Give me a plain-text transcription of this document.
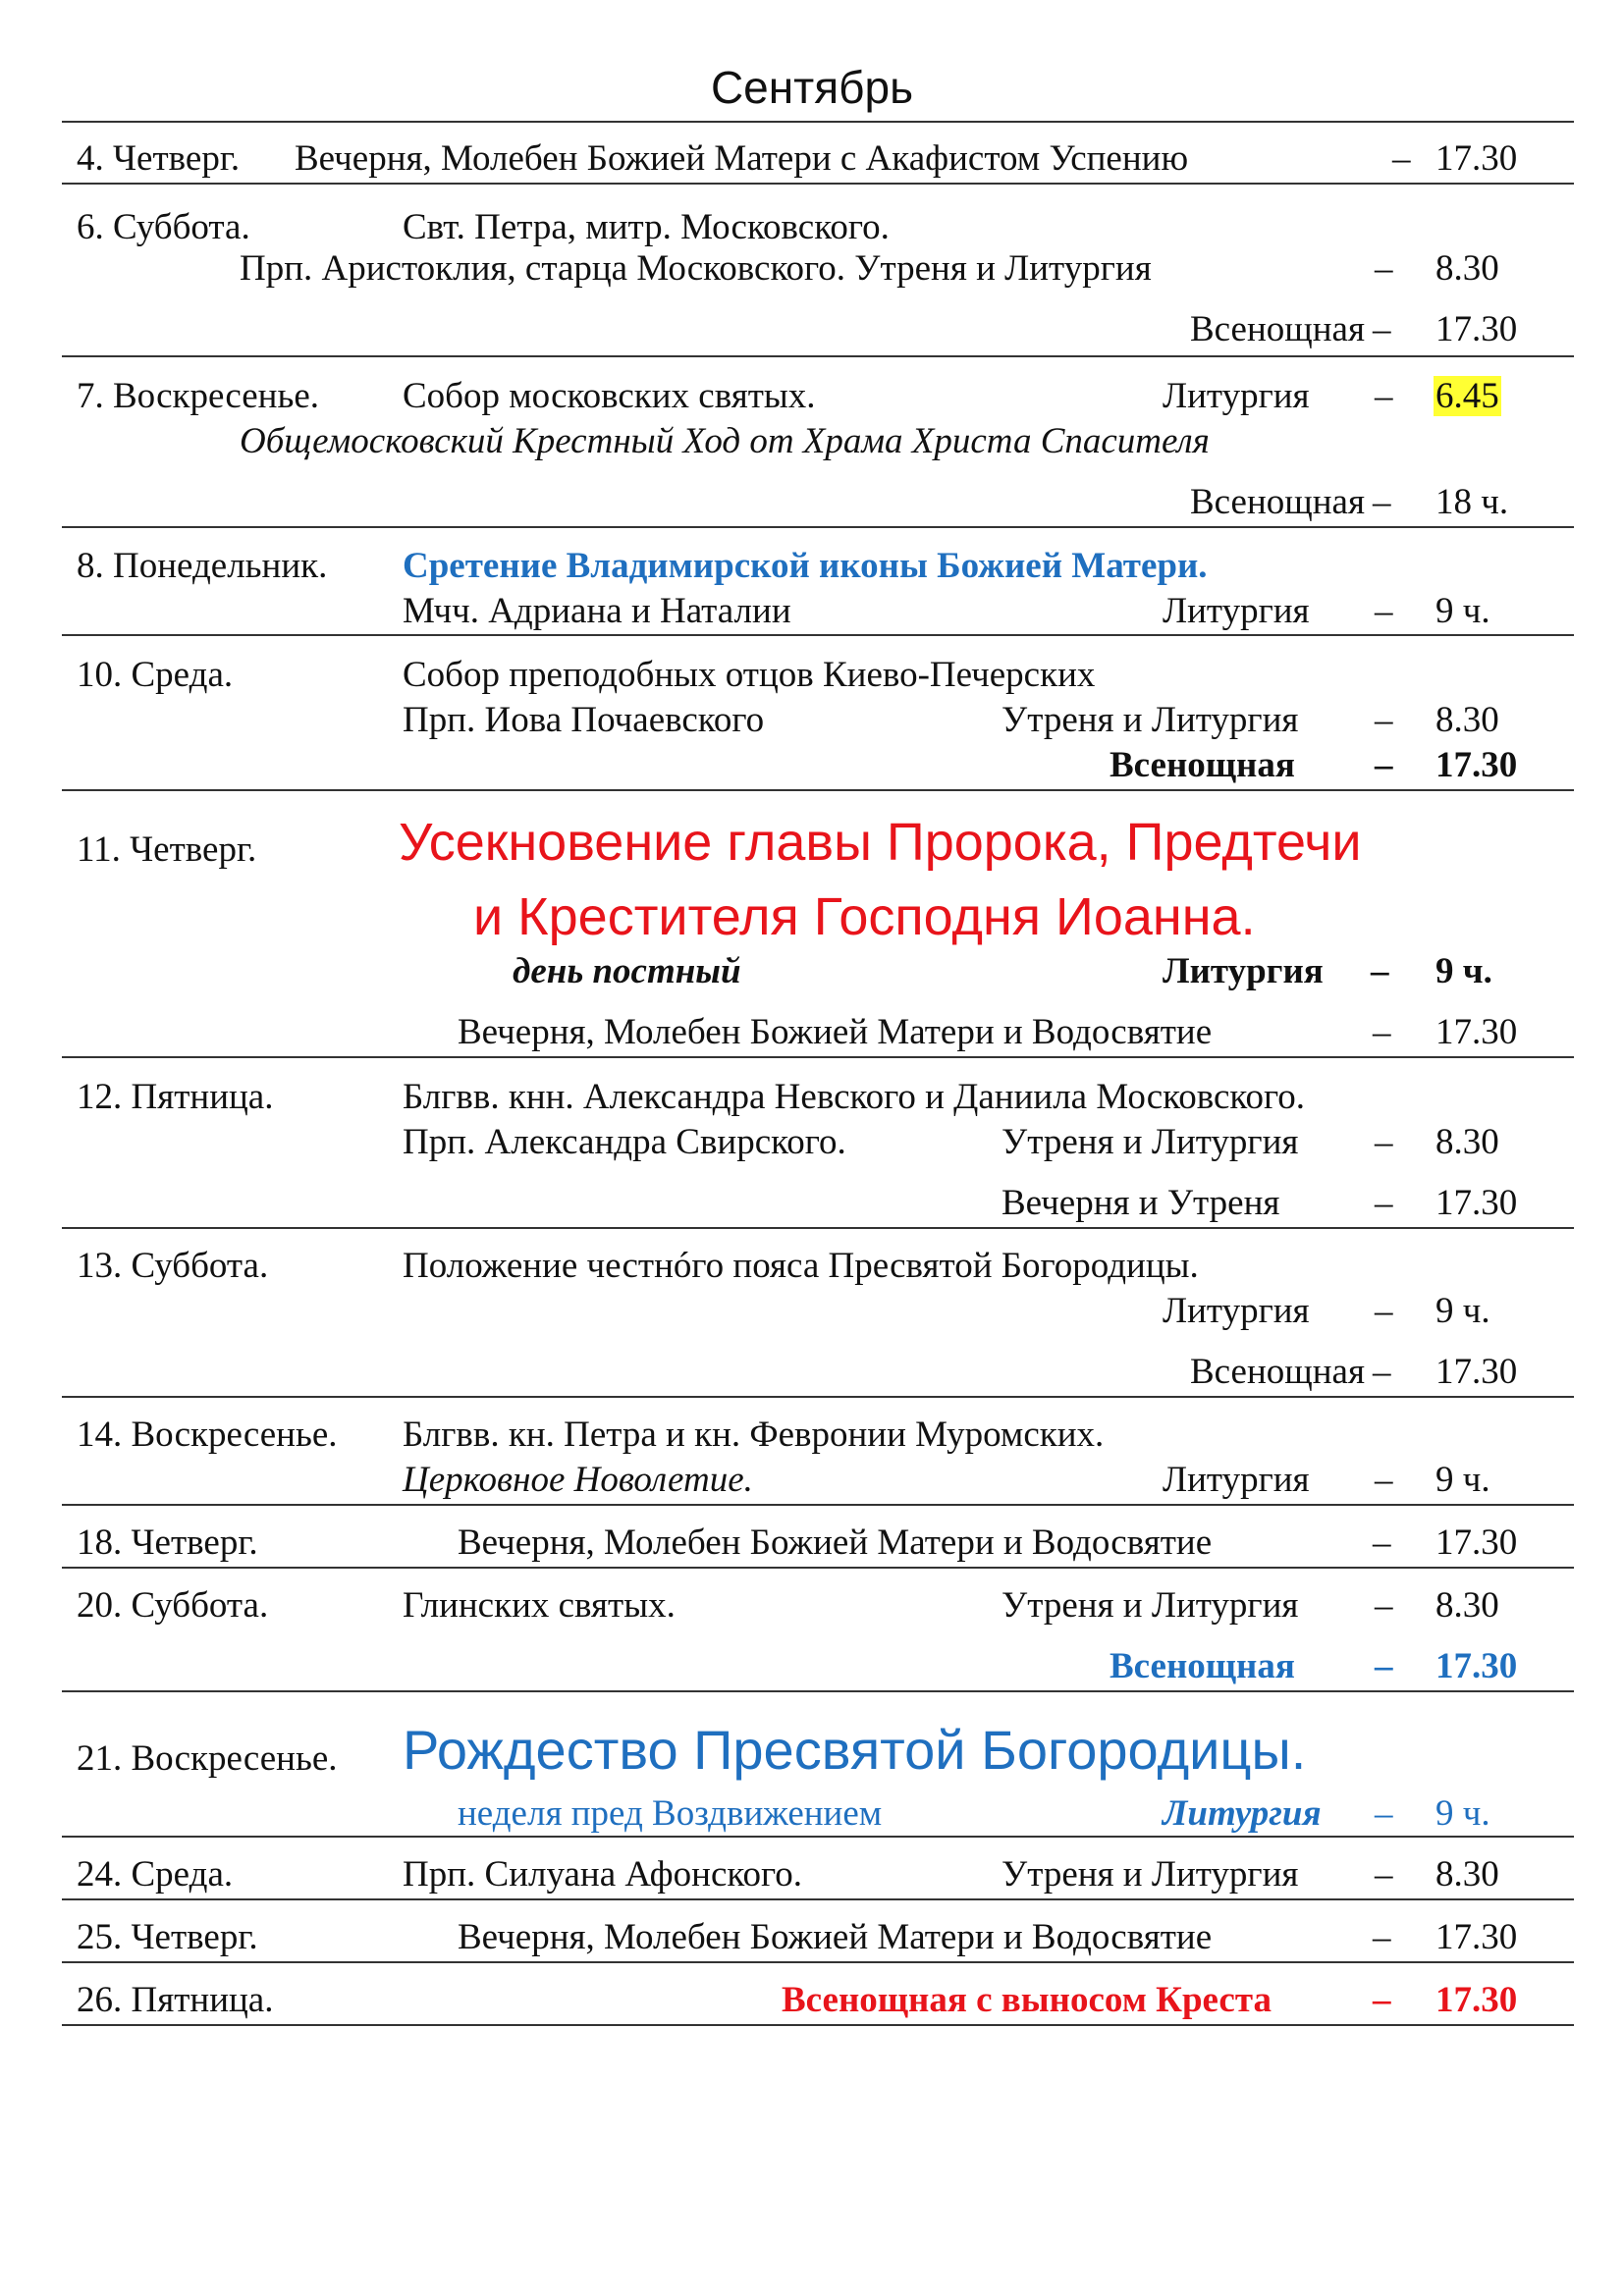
Сентябрь
4. Четверг. Вечерня, Молебен Божией Матери с Акафистом Успению	– 17.30
6. Суббота.	Свт. Петра, митр. Московского.
Прп. Аристоклия, старца Московского. Утреня и Литургия	– 8.30
Всенощная – 17.30
7. Воскресенье. Собор московских святых.	Литургия – 6.45
Общемосковский Крестный Ход от Храма Христа Спасителя
Всенощная – 18 ч.
8. Понедельник. Сретение Владимирской иконы Божией Матери.
Мчч. Адриана и Наталии	Литургия – 9 ч.
10. Среда.	Собор преподобных отцов Киево-Печерских
Прп. Иова Почаевского	Утреня и Литургия – 8.30
Всенощная – 17.30
11. Четверг.	Усекновение главы Пророка, Предтечи
и Крестителя Господня Иоанна.
день постный	Литургия – 9 ч.
Вечерня, Молебен Божией Матери и Водосвятие	– 17.30
12. Пятница.	Блгвв. кнн. Александра Невского и Даниила Московского.
Прп. Александра Свирского.	Утреня и Литургия – 8.30
Вечерня и Утреня	– 17.30
13. Суббота.	Положение честнóго пояса Пресвятой Богородицы.
Литургия – 9 ч.
Всенощная – 17.30
14. Воскресенье. Блгвв. кн. Петра и кн. Февронии Муромских.
Церковное Новолетие.	Литургия – 9 ч.
18. Четверг.	Вечерня, Молебен Божией Матери и Водосвятие	– 17.30
20. Суббота.	Глинских святых.	Утреня и Литургия – 8.30
Всенощная – 17.30
21. Воскресенье. Рождество Пресвятой Богородицы.
неделя пред Воздвижением	Литургия – 9 ч.
24. Среда.	Прп. Силуана Афонского.	Утреня и Литургия – 8.30
25. Четверг.	Вечерня, Молебен Божией Матери и Водосвятие	– 17.30
26. Пятница.	Всенощная с выносом Креста	– 17.30
